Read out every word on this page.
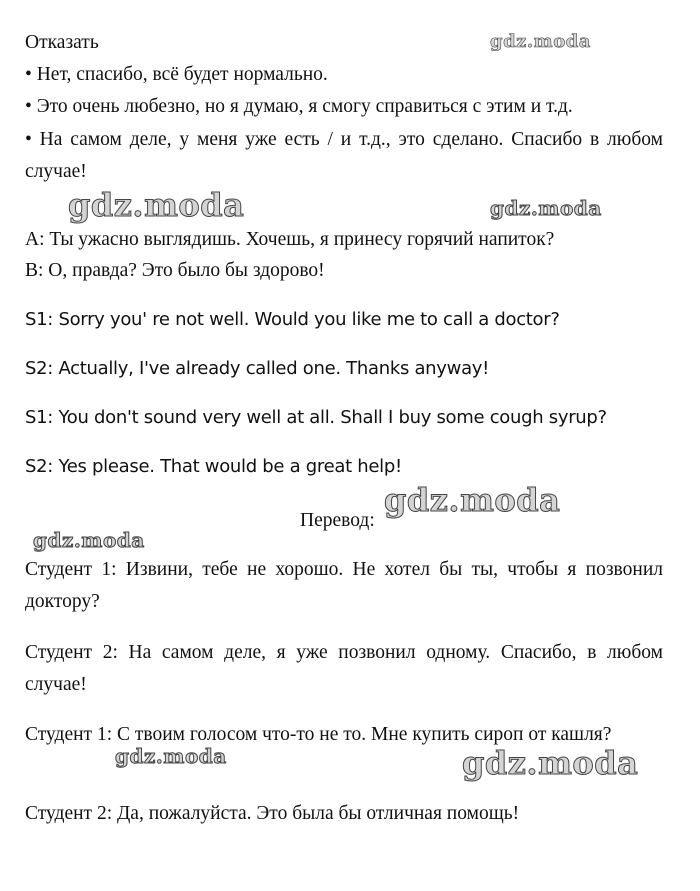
Отказать

• Нет, спасибо, всё будет нормально.

• Это очень любезно, но я думаю, я смогу справиться с этим и т.д.

• На самом деле, у меня уже есть / и т.д., это сделано. Спасибо в любом случае!

А: Ты ужасно выглядишь. Хочешь, я принесу горячий напиток?

В: О, правда? Это было бы здорово!

S1: Sorry you' re not well. Would you like me to call a doctor?

S2: Actually, I've already called one. Thanks anyway!

S1: You don't sound very well at all. Shall I buy some cough syrup?

S2: Yes please. That would be a great help!

Перевод:

Студент 1: Извини, тебе не хорошо. Не хотел бы ты, чтобы я позвонил доктору?

Студент 2: На самом деле, я уже позвонил одному. Спасибо, в любом случае!

Студент 1: С твоим голосом что-то не то. Мне купить сироп от кашля?

Студент 2: Да, пожалуйста. Это была бы отличная помощь!

gdz.moda
gdz.moda	gdz.moda
gdz.moda
gdz.moda
gdz.moda	gdz.moda
